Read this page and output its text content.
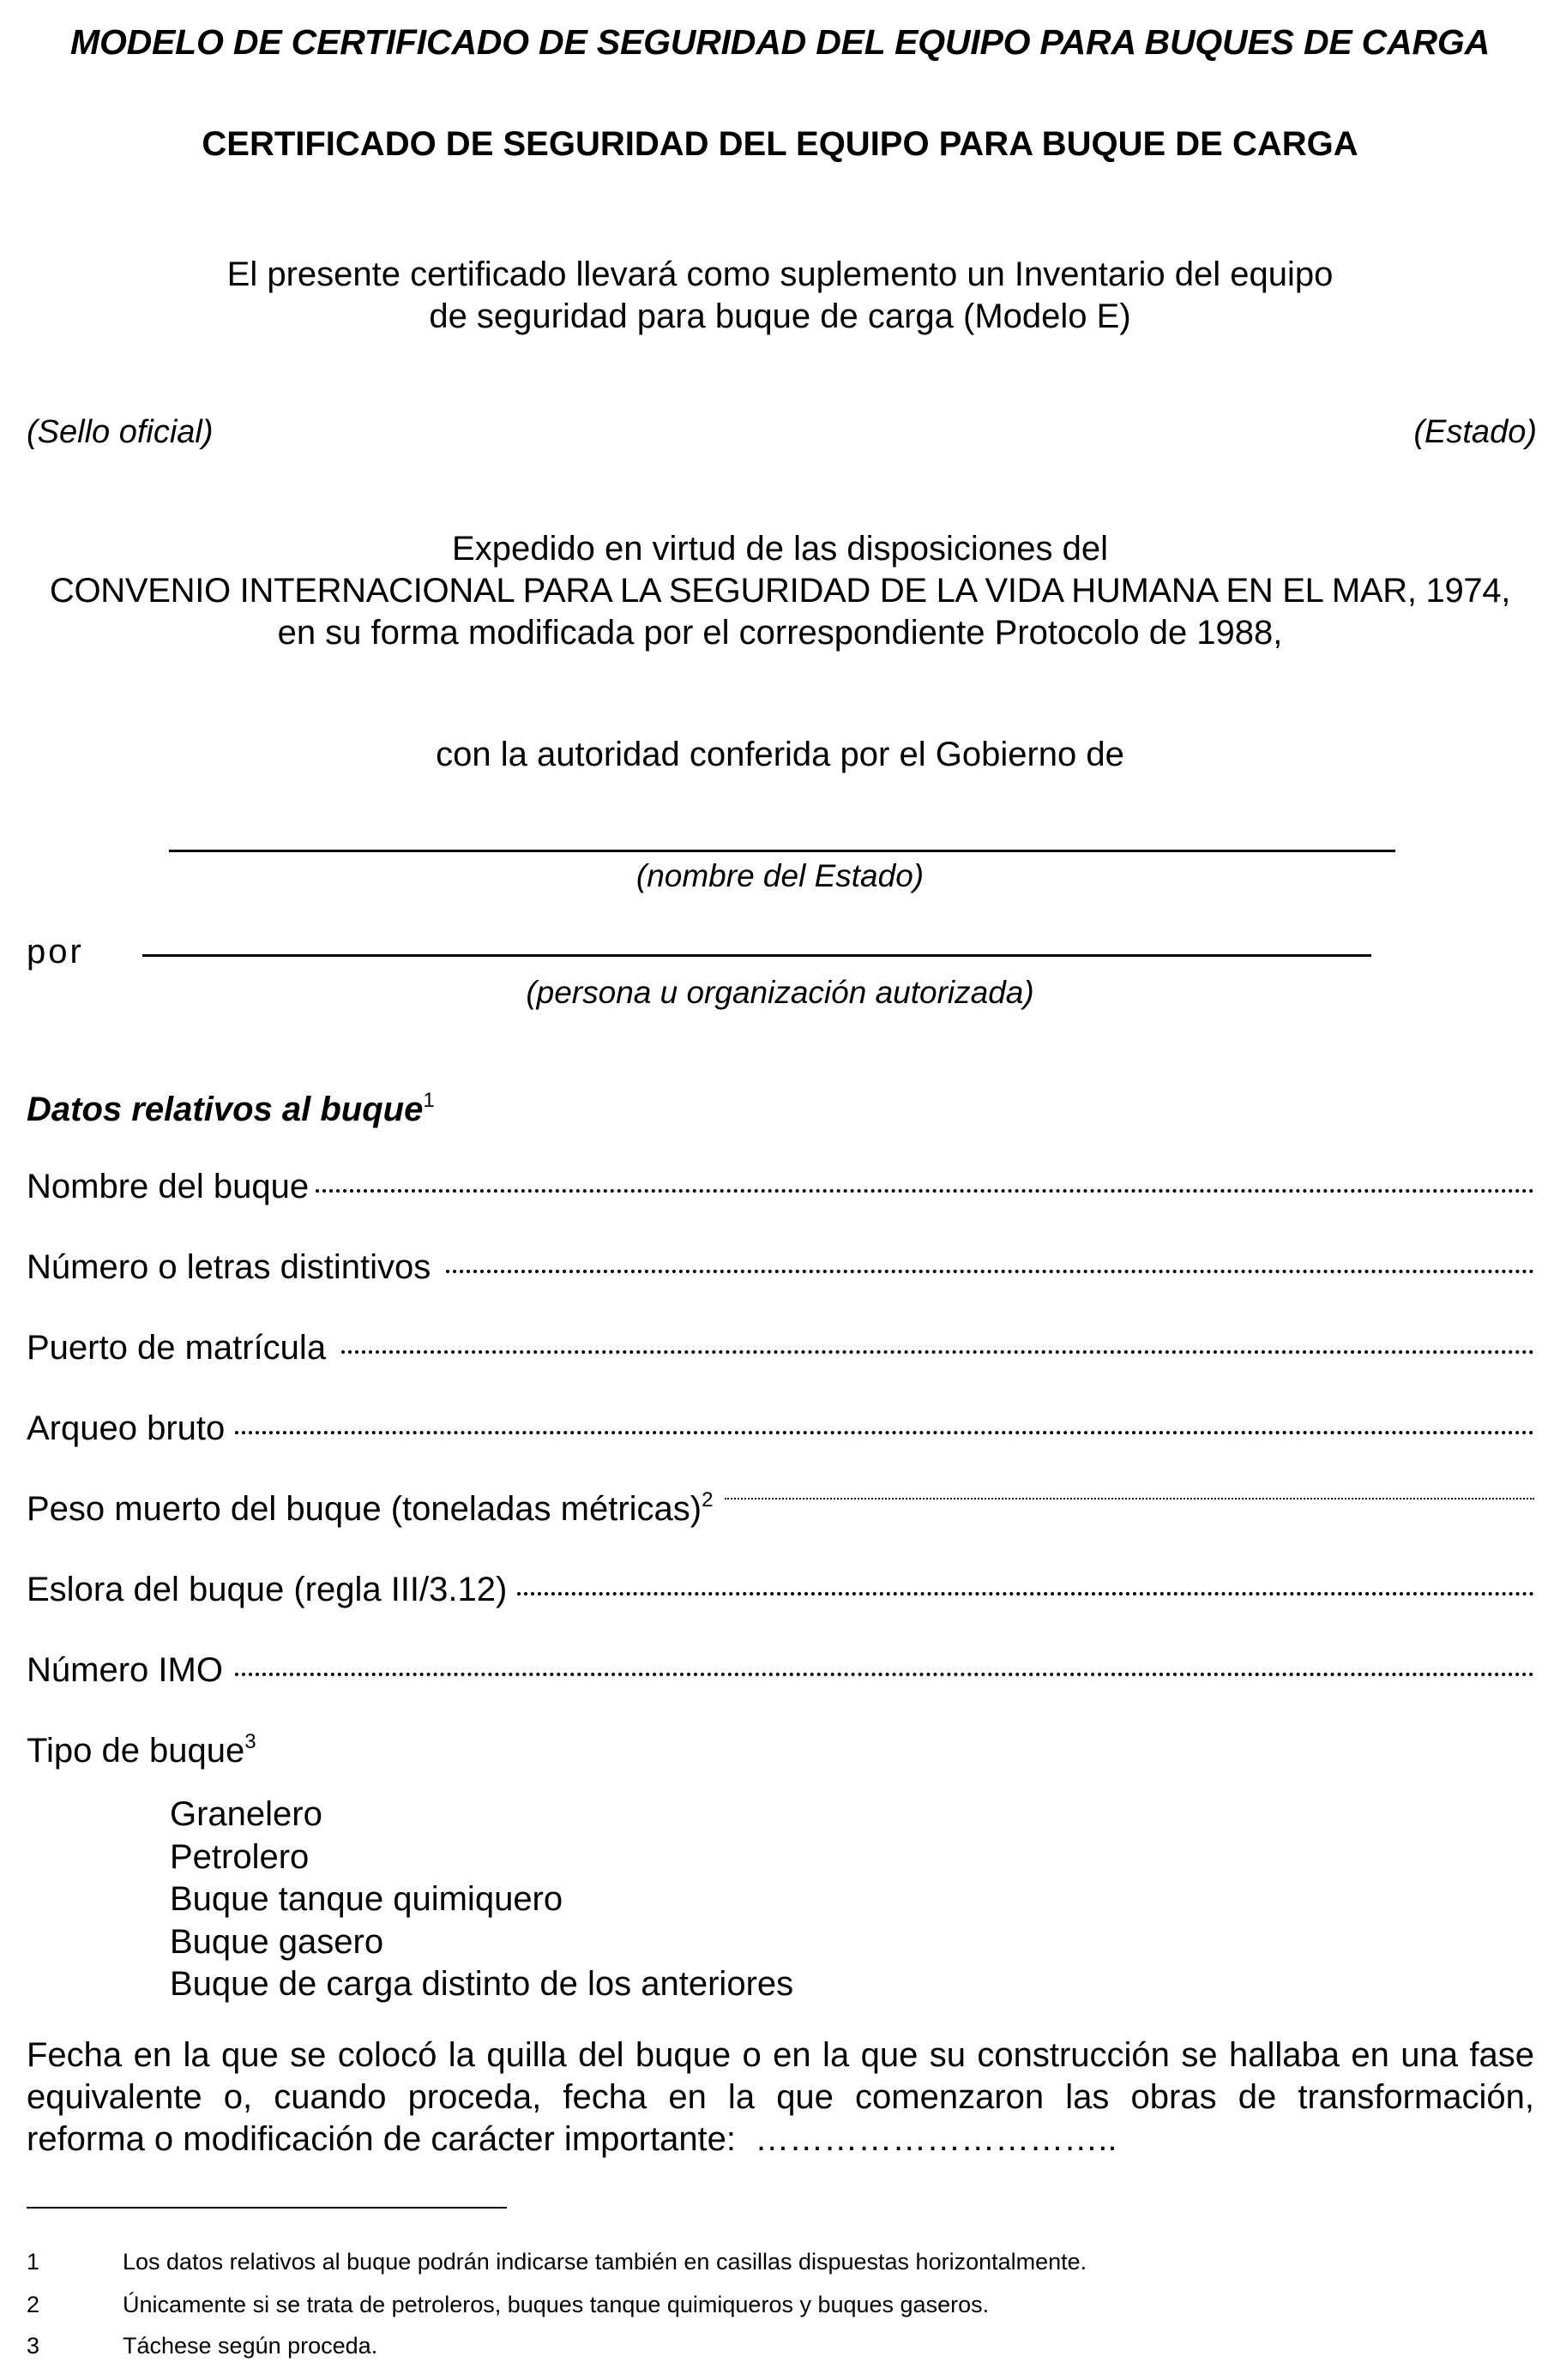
MODELO DE CERTIFICADO DE SEGURIDAD DEL EQUIPO PARA BUQUES DE CARGA
CERTIFICADO DE SEGURIDAD DEL EQUIPO PARA BUQUE DE CARGA
El presente certificado llevará como suplemento un Inventario del equipo
de seguridad para buque de carga (Modelo E)
(Sello oficial)	(Estado)
Expedido en virtud de las disposiciones del
CONVENIO INTERNACIONAL PARA LA SEGURIDAD DE LA VIDA HUMANA EN EL MAR, 1974,
en su forma modificada por el correspondiente Protocolo de 1988,
con la autoridad conferida por el Gobierno de
(nombre del Estado)
por
(persona u organización autorizada)
Datos relativos al buque$^1$
Nombre del buque
Número o letras distintivos
Puerto de matrícula
Arqueo bruto
Peso muerto del buque (toneladas métricas)$^2$
Eslora del buque (regla III/3.12)
Número IMO
Tipo de buque$^3$
Granelero
Petrolero
Buque tanque quimiquero
Buque gasero
Buque de carga distinto de los anteriores
Fecha en la que se colocó la quilla del buque o en la que su construcción se hallaba en una fase
equivalente o, cuando proceda, fecha en la que comenzaron las obras de transformación,
reforma o modificación de carácter importante: …………………………..
1	Los datos relativos al buque podrán indicarse también en casillas dispuestas horizontalmente.
2	Únicamente si se trata de petroleros, buques tanque quimiqueros y buques gaseros.
3	Táchese según proceda.
